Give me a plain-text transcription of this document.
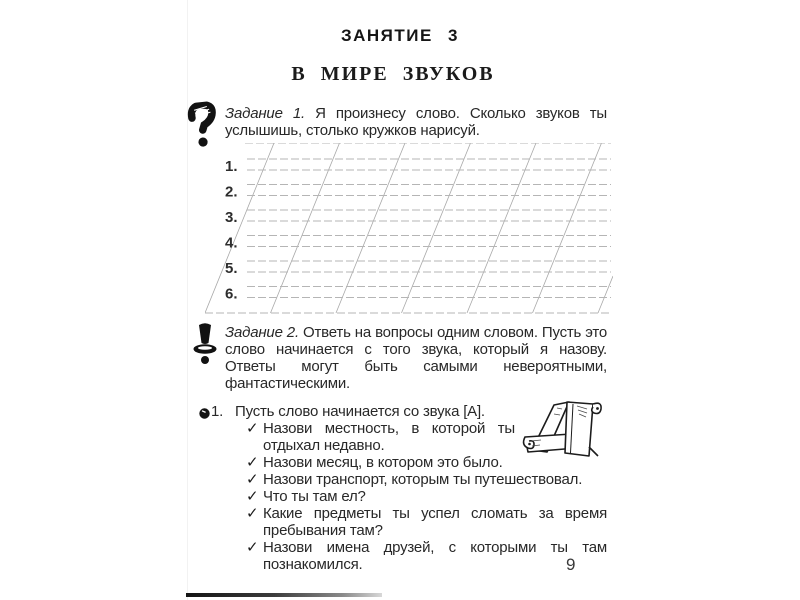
ЗАНЯТИЕ 3
В МИРЕ ЗВУКОВ

Задание 1. Я произнесу слово. Сколько звуков ты услышишь, столько кружков нарисуй.

1.
2.
3.
4.
5.
6.

Задание 2. Ответь на вопросы одним словом. Пусть это слово начинается с того звука, который я назову. Ответы могут быть самыми невероятными, фантастическими.

1. Пусть слово начинается со звука [А].
✓ Назови местность, в которой ты отдыхал недавно.
✓ Назови месяц, в котором это было.
✓ Назови транспорт, которым ты путешествовал.
✓ Что ты там ел?
✓ Какие предметы ты успел сломать за время пребывания там?
✓ Назови имена друзей, с которыми ты там познакомился.	9
